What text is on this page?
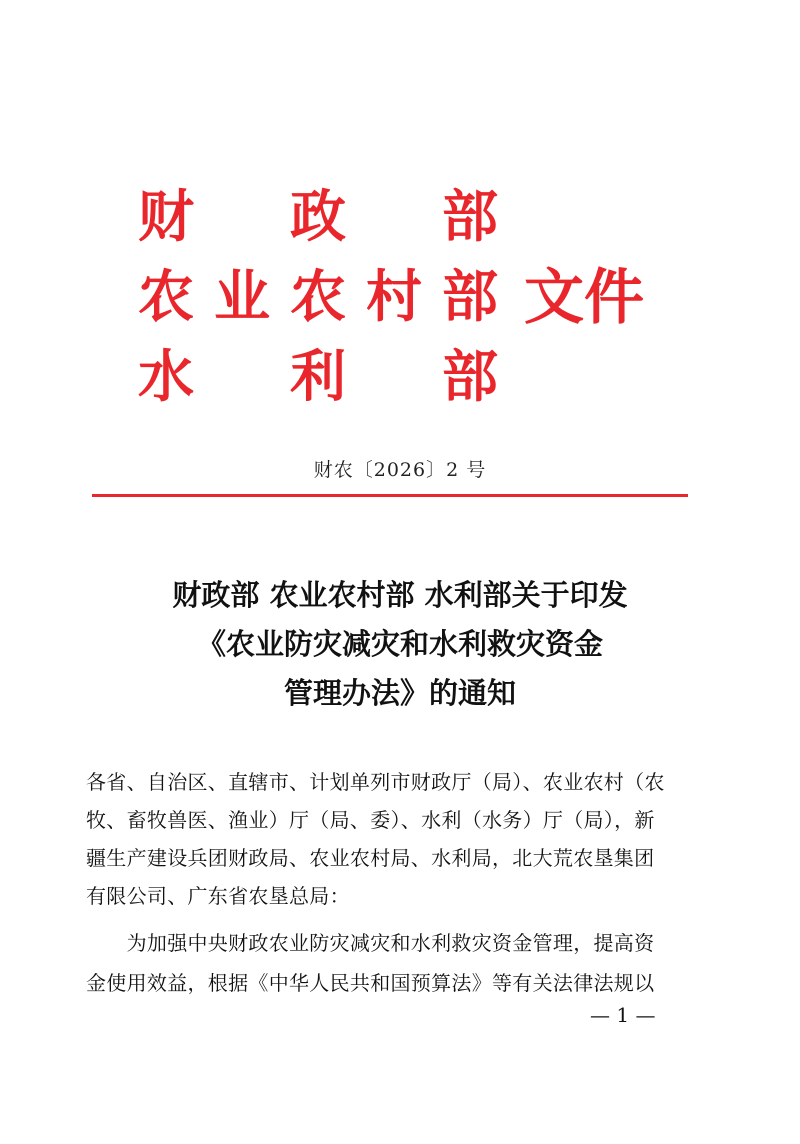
财 政 部
农 业 农 村 部 文件
水 利 部
财农〔2026〕2 号
财政部 农业农村部 水利部关于印发
《农业防灾减灾和水利救灾资金
管理办法》的通知
各省、自治区、直辖市、计划单列市财政厅（局）、农业农村（农
牧、畜牧兽医、渔业）厅（局、委）、水利（水务）厅（局），新
疆生产建设兵团财政局、农业农村局、水利局，北大荒农垦集团
有限公司、广东省农垦总局：
　　为加强中央财政农业防灾减灾和水利救灾资金管理，提高资
金使用效益，根据《中华人民共和国预算法》等有关法律法规以
— 1 —
